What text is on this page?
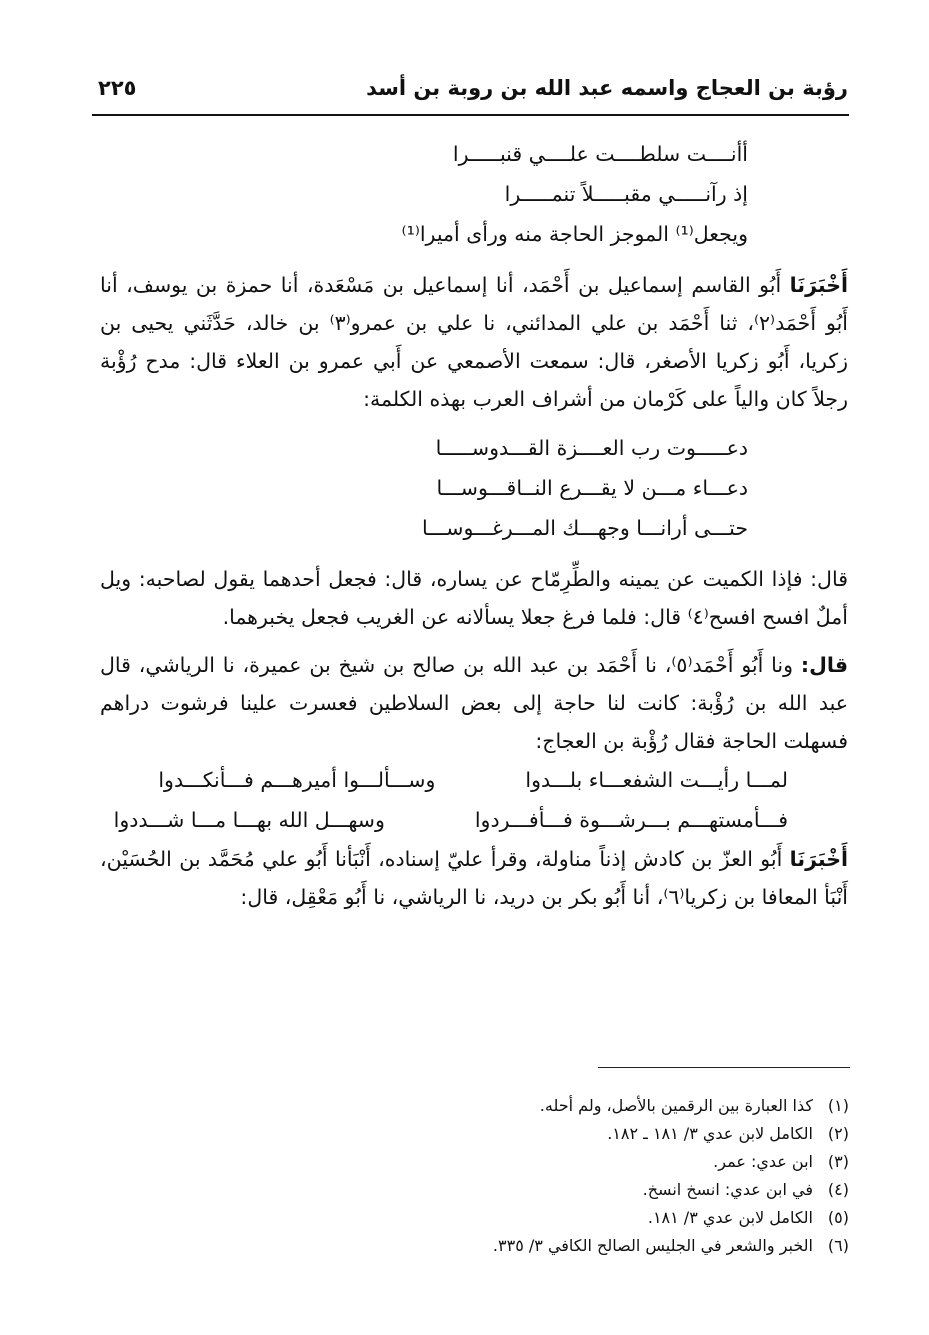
رؤبة بن العجاج واسمه عبد الله بن روبة بن أسد
٢٢٥
أأنــــت سلطــــت علــــي قنبـــــرا
إذ رآنـــــي مقبـــــلاً تنمـــــرا
ويجعل⁽¹⁾ الموجز الحاجة منه ورأى أميرا⁽¹⁾

أَخْبَرَنَا أَبُو القاسم إسماعيل بن أَحْمَد، أنا إسماعيل بن مَسْعَدة، أنا حمزة بن يوسف، أنا أَبُو أَحْمَد⁽٢⁾، ثنا أَحْمَد بن علي المدائني، نا علي بن عمرو⁽٣⁾ بن خالد، حَدَّثَني يحيى بن زكريا، أَبُو زكريا الأصغر، قال: سمعت الأصمعي عن أَبي عمرو بن العلاء قال: مدح رُؤْبة رجلاً كان والياً على كَرْمان من أشراف العرب بهذه الكلمة:

دعـــــوت رب العــــزة القـــدوســـــا
دعـــاء مـــن لا يقـــرع النــاقـــوســـا
حتـــى أرانـــا وجهـــك المـــرغـــوســـا

قال: فإذا الكميت عن يمينه والطِّرِمّاح عن يساره، قال: فجعل أحدهما يقول لصاحبه: ويل أملٌ افسح افسح⁽٤⁾ قال: فلما فرغ جعلا يسألانه عن الغريب فجعل يخبرهما.

قال: ونا أَبُو أَحْمَد⁽٥⁾، نا أَحْمَد بن عبد الله بن صالح بن شيخ بن عميرة، نا الرياشي، قال عبد الله بن رُؤْبة: كانت لنا حاجة إلى بعض السلاطين فعسرت علينا فرشوت دراهم فسهلت الحاجة فقال رُؤْبة بن العجاج:

لمـــا رأيـــت الشفعـــاء بلـــدوا
وســـألـــوا أميرهـــم فـــأنكـــدوا
فـــأمستهـــم بـــرشـــوة فـــأفـــردوا
وسهـــل الله بهـــا مـــا شـــددوا

أَخْبَرَنَا أَبُو العزّ بن كادش إذناً مناولة، وقرأ عليّ إسناده، أَنْبَأنا أَبُو علي مُحَمَّد بن الحُسَيْن، أَنْبَأ المعافا بن زكريا⁽٦⁾، أنا أَبُو بكر بن دريد، نا الرياشي، نا أَبُو مَعْقِل، قال:

(١)كذا العبارة بين الرقمين بالأصل، ولم أحله.
(٢)الكامل لابن عدي ٣/ ١٨١ ـ ١٨٢.
(٣)ابن عدي: عمر.
(٤)في ابن عدي: انسخ انسخ.
(٥)الكامل لابن عدي ٣/ ١٨١.
(٦)الخبر والشعر في الجليس الصالح الكافي ٣/ ٣٣٥.
